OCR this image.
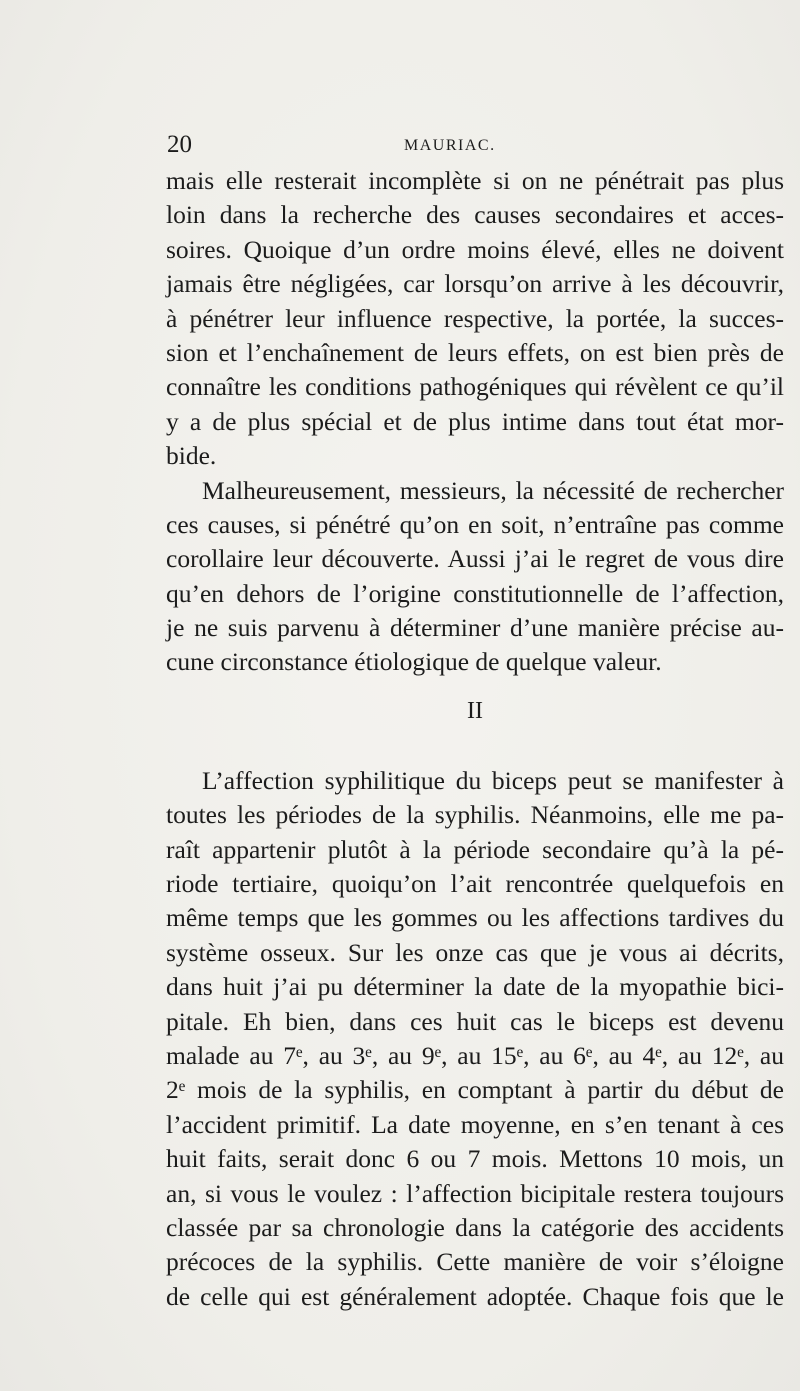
20	MAURIAC.
mais elle resterait incomplète si on ne pénétrait pas plus
loin dans la recherche des causes secondaires et acces-
soires. Quoique d’un ordre moins élevé, elles ne doivent
jamais être négligées, car lorsqu’on arrive à les découvrir,
à pénétrer leur influence respective, la portée, la succes-
sion et l’enchaînement de leurs effets, on est bien près de
connaître les conditions pathogéniques qui révèlent ce qu’il
y a de plus spécial et de plus intime dans tout état mor-
bide.
Malheureusement, messieurs, la nécessité de rechercher
ces causes, si pénétré qu’on en soit, n’entraîne pas comme
corollaire leur découverte. Aussi j’ai le regret de vous dire
qu’en dehors de l’origine constitutionnelle de l’affection,
je ne suis parvenu à déterminer d’une manière précise au-
cune circonstance étiologique de quelque valeur.
II
L’affection syphilitique du biceps peut se manifester à
toutes les périodes de la syphilis. Néanmoins, elle me pa-
raît appartenir plutôt à la période secondaire qu’à la pé-
riode tertiaire, quoiqu’on l’ait rencontrée quelquefois en
même temps que les gommes ou les affections tardives du
système osseux. Sur les onze cas que je vous ai décrits,
dans huit j’ai pu déterminer la date de la myopathie bici-
pitale. Eh bien, dans ces huit cas le biceps est devenu
malade au 7ᵉ, au 3ᵉ, au 9ᵉ, au 15ᵉ, au 6ᵉ, au 4ᵉ, au 12ᵉ, au
2ᵉ mois de la syphilis, en comptant à partir du début de
l’accident primitif. La date moyenne, en s’en tenant à ces
huit faits, serait donc 6 ou 7 mois. Mettons 10 mois, un
an, si vous le voulez : l’affection bicipitale restera toujours
classée par sa chronologie dans la catégorie des accidents
précoces de la syphilis. Cette manière de voir s’éloigne
de celle qui est généralement adoptée. Chaque fois que le
